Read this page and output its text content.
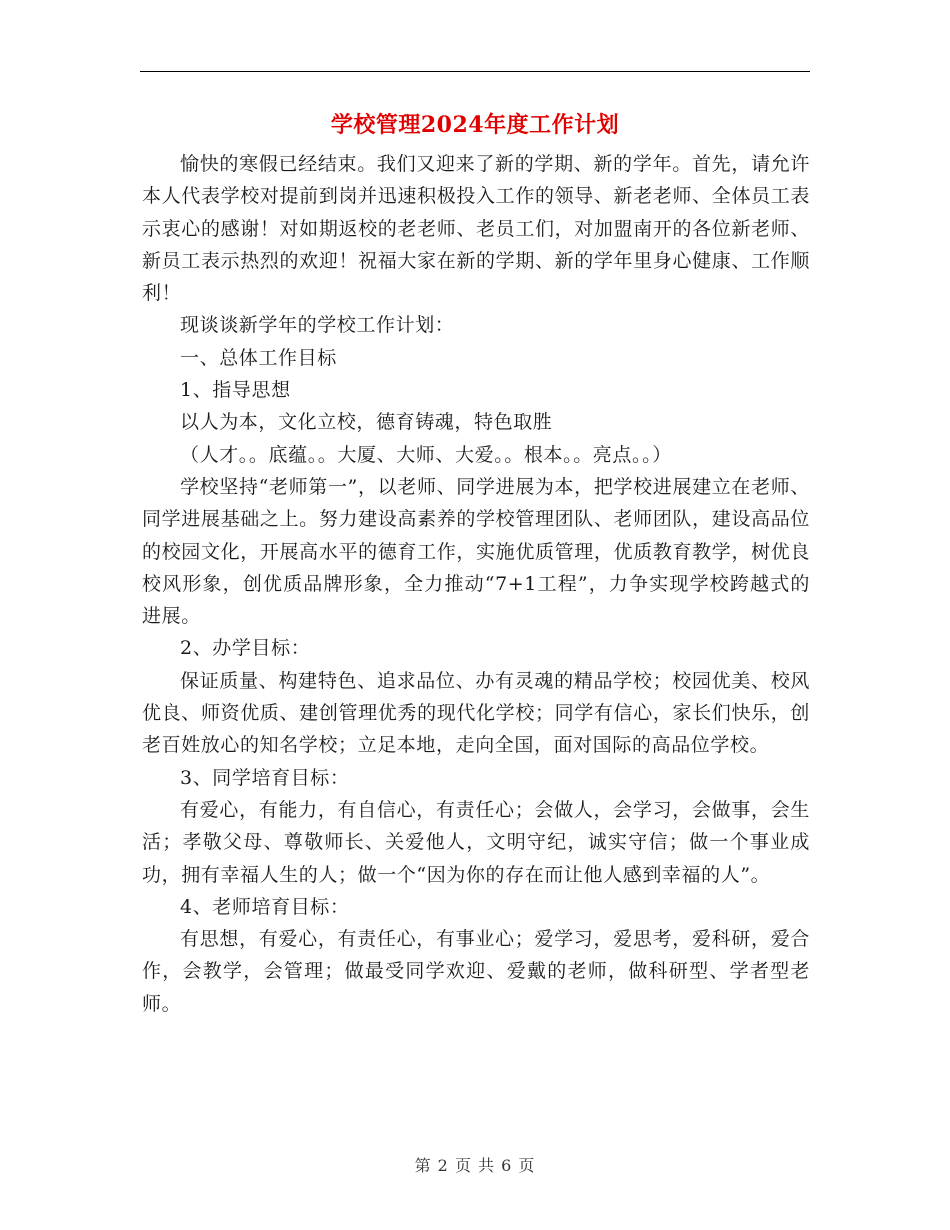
学校管理2024年度工作计划

愉快的寒假已经结束。我们又迎来了新的学期、新的学年。首先，请允许本人代表学校对提前到岗并迅速积极投入工作的领导、新老老师、全体员工表示衷心的感谢！对如期返校的老老师、老员工们，对加盟南开的各位新老师、新员工表示热烈的欢迎！祝福大家在新的学期、新的学年里身心健康、工作顺利！

现谈谈新学年的学校工作计划：

一、总体工作目标

1、指导思想

以人为本，文化立校，德育铸魂，特色取胜

（人才。。底蕴。。大厦、大师、大爱。。根本。。亮点。。）

学校坚持“老师第一”，以老师、同学进展为本，把学校进展建立在老师、同学进展基础之上。努力建设高素养的学校管理团队、老师团队，建设高品位的校园文化，开展高水平的德育工作，实施优质管理，优质教育教学，树优良校风形象，创优质品牌形象，全力推动“7+1工程”，力争实现学校跨越式的进展。

2、办学目标：

保证质量、构建特色、追求品位、办有灵魂的精品学校；校园优美、校风优良、师资优质、建创管理优秀的现代化学校；同学有信心，家长们快乐，创老百姓放心的知名学校；立足本地，走向全国，面对国际的高品位学校。

3、同学培育目标：

有爱心，有能力，有自信心，有责任心；会做人，会学习，会做事，会生活；孝敬父母、尊敬师长、关爱他人，文明守纪，诚实守信；做一个事业成功，拥有幸福人生的人；做一个“因为你的存在而让他人感到幸福的人”。

4、老师培育目标：

有思想，有爱心，有责任心，有事业心；爱学习，爱思考，爱科研，爱合作，会教学，会管理；做最受同学欢迎、爱戴的老师，做科研型、学者型老师。

第 2 页 共 6 页
